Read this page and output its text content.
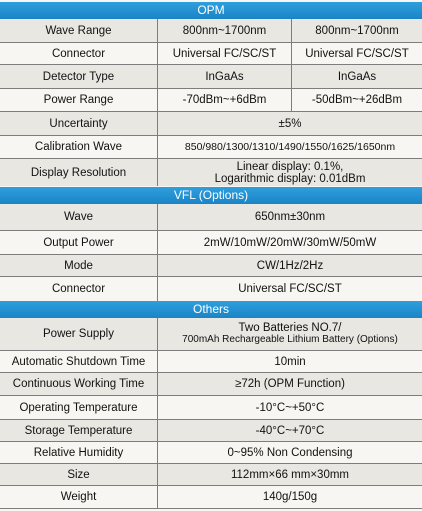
OPM
Wave Range	800nm~1700nm	800nm~1700nm
Connector	Universal FC/SC/ST	Universal FC/SC/ST
Detector Type	InGaAs	InGaAs
Power Range	-70dBm~+6dBm	-50dBm~+26dBm
Uncertainty	±5%
Calibration Wave	850/980/1300/1310/1490/1550/1625/1650nm
Display Resolution	Linear display: 0.1%,
Logarithmic display: 0.01dBm
VFL (Options)
Wave	650nm±30nm
Output Power	2mW/10mW/20mW/30mW/50mW
Mode	CW/1Hz/2Hz
Connector	Universal FC/SC/ST
Others
Power Supply	Two Batteries NO.7/
700mAh Rechargeable Lithium Battery (Options)
Automatic Shutdown Time	10min
Continuous Working Time	≥72h (OPM Function)
Operating Temperature	-10°C~+50°C
Storage Temperature	-40°C~+70°C
Relative Humidity	0~95% Non Condensing
Size	112mm×66 mm×30mm
Weight	140g/150g
